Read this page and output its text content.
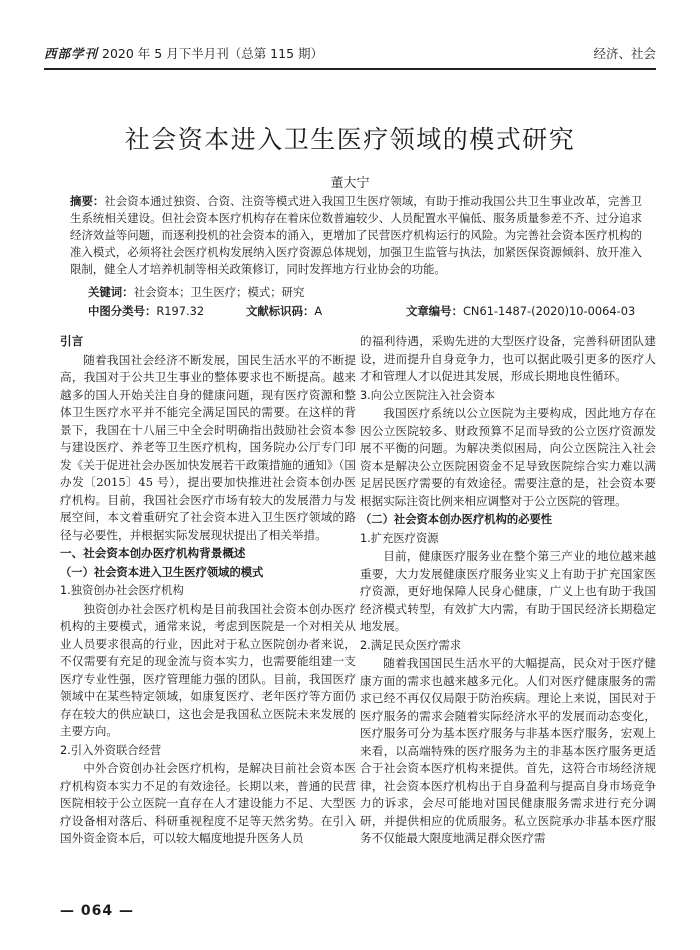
西部学刊 2020 年 5 月下半月刊（总第 115 期）	经济、社会
社会资本进入卫生医疗领域的模式研究
董大宁
摘要：社会资本通过独资、合资、注资等模式进入我国卫生医疗领域，有助于推动我国公共卫生事业改革，完善卫生系统相关建设。但社会资本医疗机构存在着床位数普遍较少、人员配置水平偏低、服务质量参差不齐、过分追求经济效益等问题，而逐利投机的社会资本的涌入，更增加了民营医疗机构运行的风险。为完善社会资本医疗机构的准入模式，必须将社会医疗机构发展纳入医疗资源总体规划，加强卫生监管与执法，加紧医保资源倾斜、放开准入限制，健全人才培养机制等相关政策修订，同时发挥地方行业协会的功能。
关键词：社会资本；卫生医疗；模式；研究
中图分类号：R197.32	文献标识码：A	文章编号：CN61-1487-(2020)10-0064-03
引言

随着我国社会经济不断发展，国民生活水平的不断提高，我国对于公共卫生事业的整体要求也不断提高。越来越多的国人开始关注自身的健康问题，现有医疗资源和整体卫生医疗水平并不能完全满足国民的需要。在这样的背景下，我国在十八届三中全会时明确指出鼓励社会资本参与建设医疗、养老等卫生医疗机构，国务院办公厅专门印发《关于促进社会办医加快发展若干政策措施的通知》（国办发〔2015〕45 号），提出要加快推进社会资本创办医疗机构。目前，我国社会医疗市场有较大的发展潜力与发展空间，本文着重研究了社会资本进入卫生医疗领域的路径与必要性，并根据实际发展现状提出了相关举措。

一、社会资本创办医疗机构背景概述
（一）社会资本进入卫生医疗领域的模式
1.独资创办社会医疗机构

独资创办社会医疗机构是目前我国社会资本创办医疗机构的主要模式，通常来说，考虑到医院是一个对相关从业人员要求很高的行业，因此对于私立医院创办者来说，不仅需要有充足的现金流与资本实力，也需要能组建一支医疗专业性强，医疗管理能力强的团队。目前，我国医疗领域中在某些特定领域，如康复医疗、老年医疗等方面仍存在较大的供应缺口，这也会是我国私立医院未来发展的主要方向。

2.引入外资联合经营

中外合资创办社会医疗机构，是解决目前社会资本医疗机构资本实力不足的有效途径。长期以来，普通的民营医院相较于公立医院一直存在人才建设能力不足、大型医疗设备相对落后、科研重视程度不足等天然劣势。在引入国外资金资本后，可以较大幅度地提升医务人员

的福利待遇，采购先进的大型医疗设备，完善科研团队建设，进而提升自身竞争力，也可以据此吸引更多的医疗人才和管理人才以促进其发展，形成长期地良性循环。

3.向公立医院注入社会资本

我国医疗系统以公立医院为主要构成，因此地方存在因公立医院较多、财政预算不足而导致的公立医疗资源发展不平衡的问题。为解决类似困局，向公立医院注入社会资本是解决公立医院困资金不足导致医院综合实力难以满足居民医疗需要的有效途径。需要注意的是，社会资本要根据实际注资比例来相应调整对于公立医院的管理。

（二）社会资本创办医疗机构的必要性
1.扩充医疗资源

目前，健康医疗服务业在整个第三产业的地位越来越重要，大力发展健康医疗服务业实义上有助于扩充国家医疗资源，更好地保障人民身心健康，广义上也有助于我国经济模式转型，有效扩大内需，有助于国民经济长期稳定地发展。

2.满足民众医疗需求

随着我国国民生活水平的大幅提高，民众对于医疗健康方面的需求也越来越多元化。人们对医疗健康服务的需求已经不再仅仅局限于防治疾病。理论上来说，国民对于医疗服务的需求会随着实际经济水平的发展而动态变化，医疗服务可分为基本医疗服务与非基本医疗服务，宏观上来看，以高端特殊的医疗服务为主的非基本医疗服务更适合于社会资本医疗机构来提供。首先，这符合市场经济规律，社会资本医疗机构出于自身盈利与提高自身市场竞争力的诉求，会尽可能地对国民健康服务需求进行充分调研，并提供相应的优质服务。私立医院承办非基本医疗服务不仅能最大限度地满足群众医疗需

— 064 —
